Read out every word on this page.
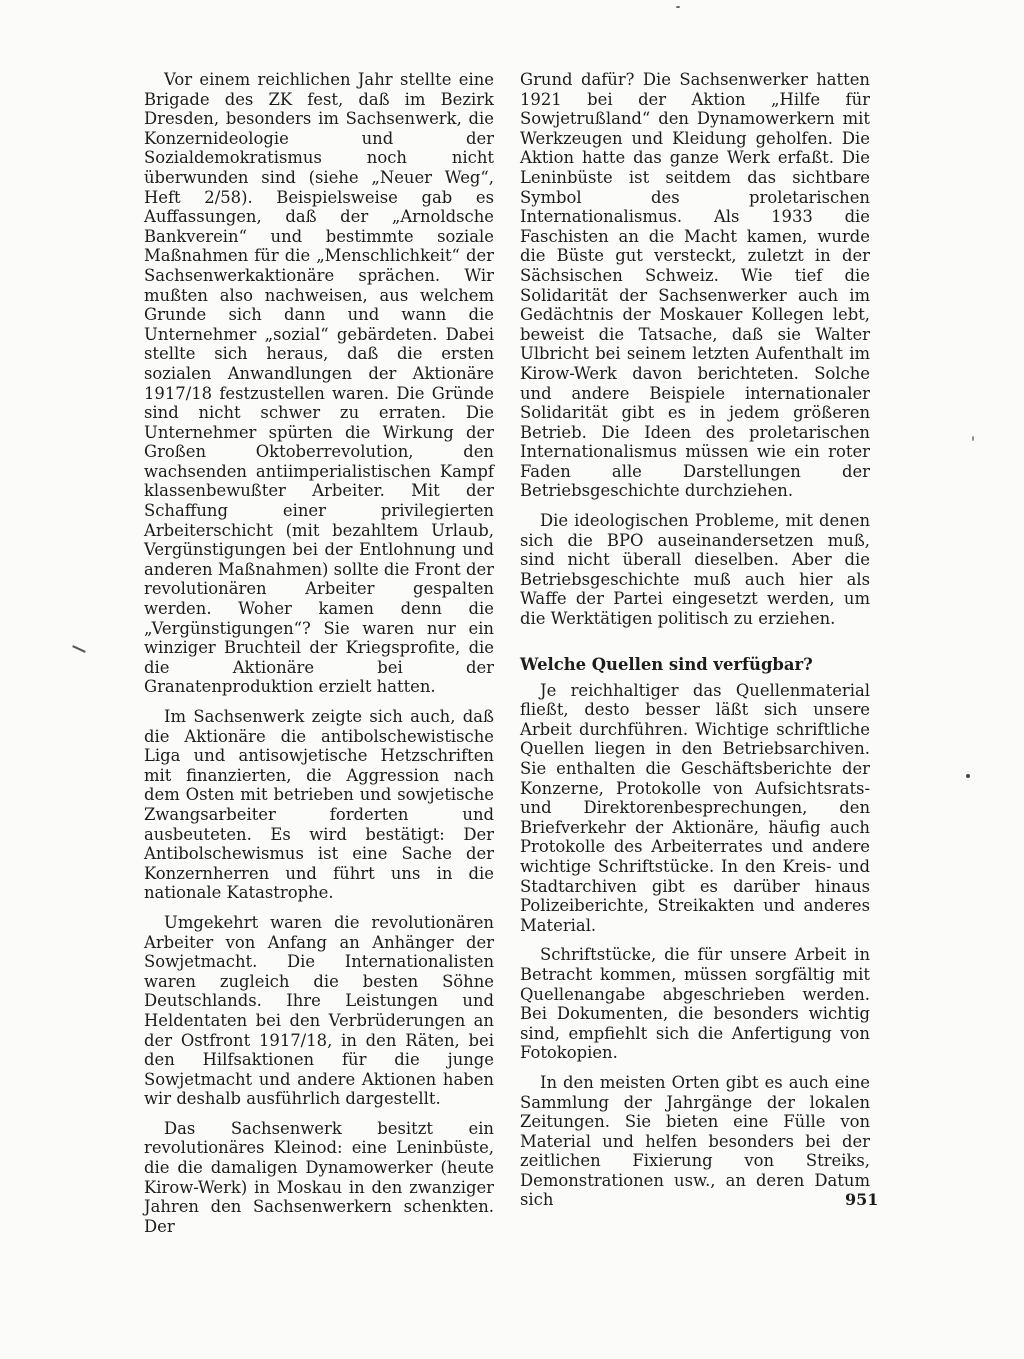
Vor einem reichlichen Jahr stellte eine Brigade des ZK fest, daß im Bezirk Dresden, besonders im Sachsenwerk, die Konzernideologie und der Sozialdemokratismus noch nicht überwunden sind (siehe „Neuer Weg“, Heft 2/58). Beispielsweise gab es Auffassungen, daß der „Arnoldsche Bankverein“ und bestimmte soziale Maßnahmen für die „Menschlichkeit“ der Sachsenwerkaktionäre sprächen. Wir mußten also nachweisen, aus welchem Grunde sich dann und wann die Unternehmer „sozial“ gebärdeten. Dabei stellte sich heraus, daß die ersten sozialen Anwandlungen der Aktionäre 1917/18 festzustellen waren. Die Gründe sind nicht schwer zu erraten. Die Unternehmer spürten die Wirkung der Großen Oktoberrevolution, den wachsenden antiimperialistischen Kampf klassenbewußter Arbeiter. Mit der Schaffung einer privilegierten Arbeiterschicht (mit bezahltem Urlaub, Vergünstigungen bei der Entlohnung und anderen Maßnahmen) sollte die Front der revolutionären Arbeiter gespalten werden. Woher kamen denn die „Vergünstigungen“? Sie waren nur ein winziger Bruchteil der Kriegsprofite, die die Aktionäre bei der Granatenproduktion erzielt hatten.

Im Sachsenwerk zeigte sich auch, daß die Aktionäre die antibolschewistische Liga und antisowjetische Hetzschriften mit finanzierten, die Aggression nach dem Osten mit betrieben und sowjetische Zwangsarbeiter forderten und ausbeuteten. Es wird bestätigt: Der Antibolschewismus ist eine Sache der Konzernherren und führt uns in die nationale Katastrophe.

Umgekehrt waren die revolutionären Arbeiter von Anfang an Anhänger der Sowjetmacht. Die Internationalisten waren zugleich die besten Söhne Deutschlands. Ihre Leistungen und Heldentaten bei den Verbrüderungen an der Ostfront 1917/18, in den Räten, bei den Hilfsaktionen für die junge Sowjetmacht und andere Aktionen haben wir deshalb ausführlich dargestellt.

Das Sachsenwerk besitzt ein revolutionäres Kleinod: eine Leninbüste, die die damaligen Dynamowerker (heute Kirow-Werk) in Moskau in den zwanziger Jahren den Sachsenwerkern schenkten. Der

Grund dafür? Die Sachsenwerker hatten 1921 bei der Aktion „Hilfe für Sowjetrußland“ den Dynamowerkern mit Werkzeugen und Kleidung geholfen. Die Aktion hatte das ganze Werk erfaßt. Die Leninbüste ist seitdem das sichtbare Symbol des proletarischen Internationalismus. Als 1933 die Faschisten an die Macht kamen, wurde die Büste gut versteckt, zuletzt in der Sächsischen Schweiz. Wie tief die Solidarität der Sachsenwerker auch im Gedächtnis der Moskauer Kollegen lebt, beweist die Tatsache, daß sie Walter Ulbricht bei seinem letzten Aufenthalt im Kirow-Werk davon berichteten. Solche und andere Beispiele internationaler Solidarität gibt es in jedem größeren Betrieb. Die Ideen des proletarischen Internationalismus müssen wie ein roter Faden alle Darstellungen der Betriebsgeschichte durchziehen.

Die ideologischen Probleme, mit denen sich die BPO auseinandersetzen muß, sind nicht überall dieselben. Aber die Betriebsgeschichte muß auch hier als Waffe der Partei eingesetzt werden, um die Werktätigen politisch zu erziehen.

Welche Quellen sind verfügbar?

Je reichhaltiger das Quellenmaterial fließt, desto besser läßt sich unsere Arbeit durchführen. Wichtige schriftliche Quellen liegen in den Betriebsarchiven. Sie enthalten die Geschäftsberichte der Konzerne, Protokolle von Aufsichtsrats- und Direktorenbesprechungen, den Briefverkehr der Aktionäre, häufig auch Protokolle des Arbeiterrates und andere wichtige Schriftstücke. In den Kreis- und Stadtarchiven gibt es darüber hinaus Polizeiberichte, Streikakten und anderes Material.

Schriftstücke, die für unsere Arbeit in Betracht kommen, müssen sorgfältig mit Quellenangabe abgeschrieben werden. Bei Dokumenten, die besonders wichtig sind, empfiehlt sich die Anfertigung von Fotokopien.

In den meisten Orten gibt es auch eine Sammlung der Jahrgänge der lokalen Zeitungen. Sie bieten eine Fülle von Material und helfen besonders bei der zeitlichen Fixierung von Streiks, Demonstrationen usw., an deren Datum sich	951
